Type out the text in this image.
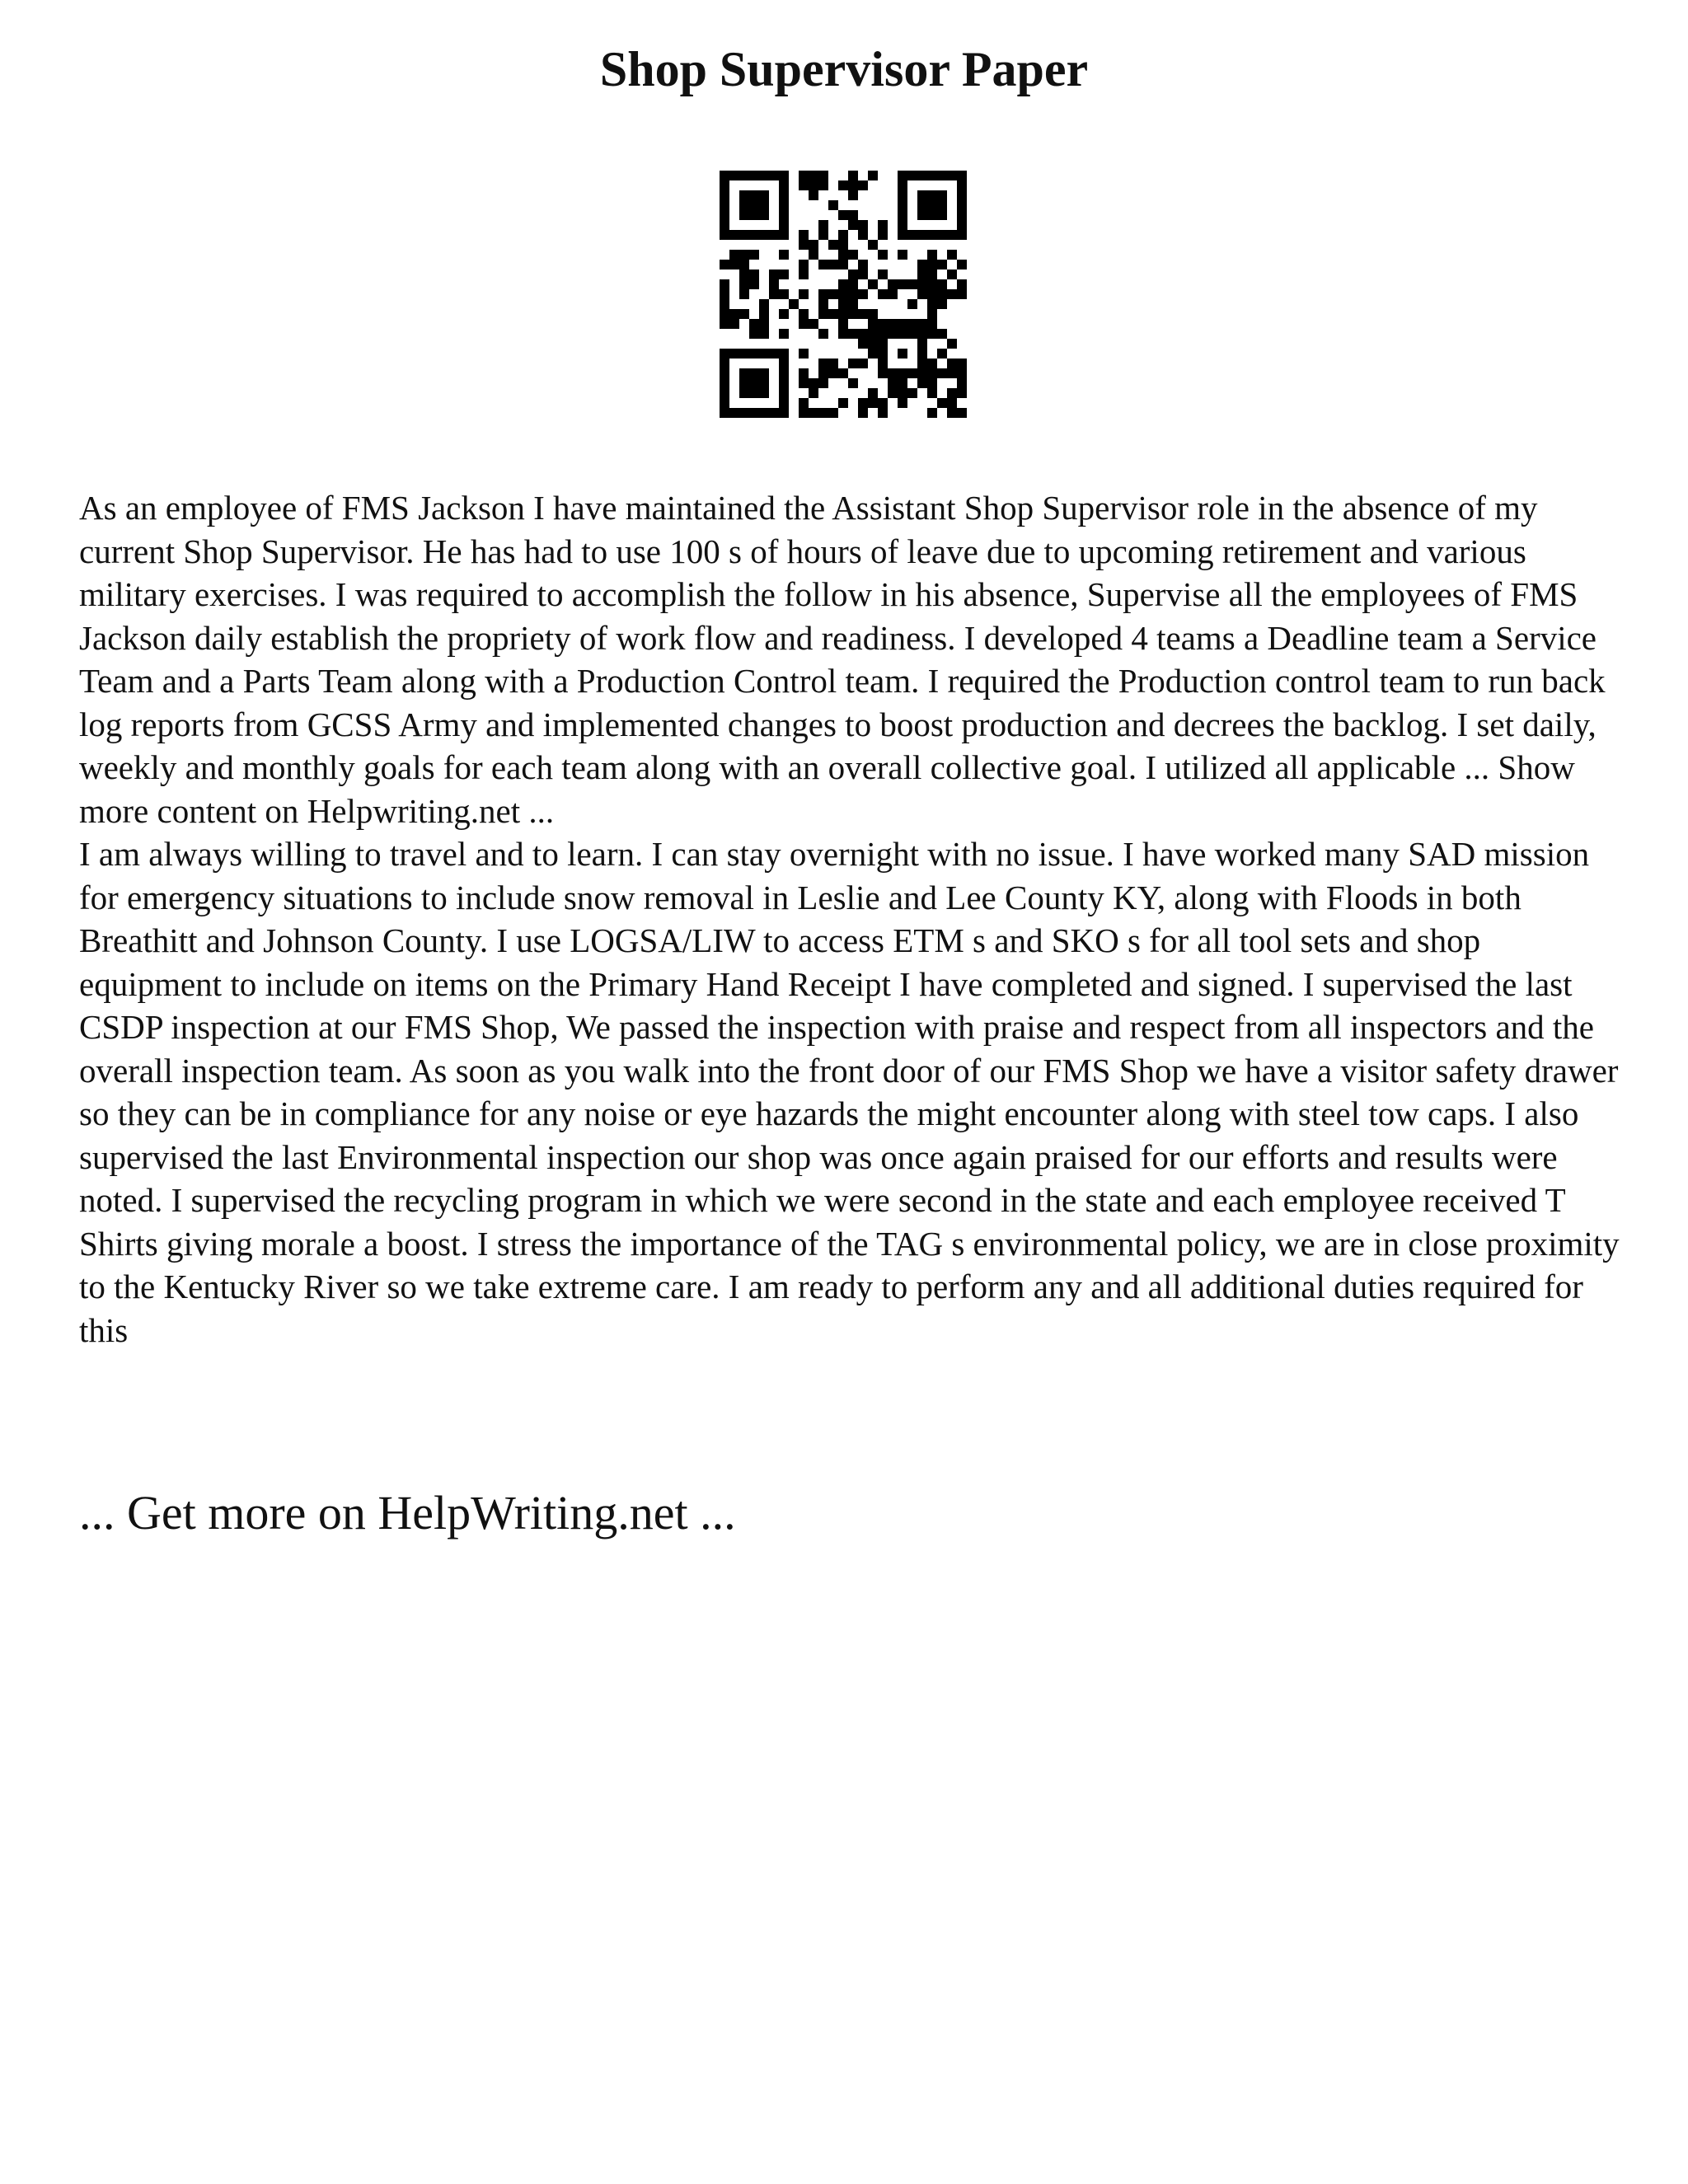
Shop Supervisor Paper

As an employee of FMS Jackson I have maintained the Assistant Shop Supervisor role in the absence of my current Shop Supervisor. He has had to use 100 s of hours of leave due to upcoming retirement and various military exercises. I was required to accomplish the follow in his absence, Supervise all the employees of FMS Jackson daily establish the propriety of work flow and readiness. I developed 4 teams a Deadline team a Service Team and a Parts Team along with a Production Control team. I required the Production control team to run back log reports from GCSS Army and implemented changes to boost production and decrees the backlog. I set daily, weekly and monthly goals for each team along with an overall collective goal. I utilized all applicable ... Show more content on Helpwriting.net ...

I am always willing to travel and to learn. I can stay overnight with no issue. I have worked many SAD mission for emergency situations to include snow removal in Leslie and Lee County KY, along with Floods in both Breathitt and Johnson County. I use LOGSA/LIW to access ETM s and SKO s for all tool sets and shop equipment to include on items on the Primary Hand Receipt I have completed and signed. I supervised the last CSDP inspection at our FMS Shop, We passed the inspection with praise and respect from all inspectors and the overall inspection team. As soon as you walk into the front door of our FMS Shop we have a visitor safety drawer so they can be in compliance for any noise or eye hazards the might encounter along with steel tow caps. I also supervised the last Environmental inspection our shop was once again praised for our efforts and results were noted. I supervised the recycling program in which we were second in the state and each employee received T Shirts giving morale a boost. I stress the importance of the TAG s environmental policy, we are in close proximity to the Kentucky River so we take extreme care. I am ready to perform any and all additional duties required for this

... Get more on HelpWriting.net ...
